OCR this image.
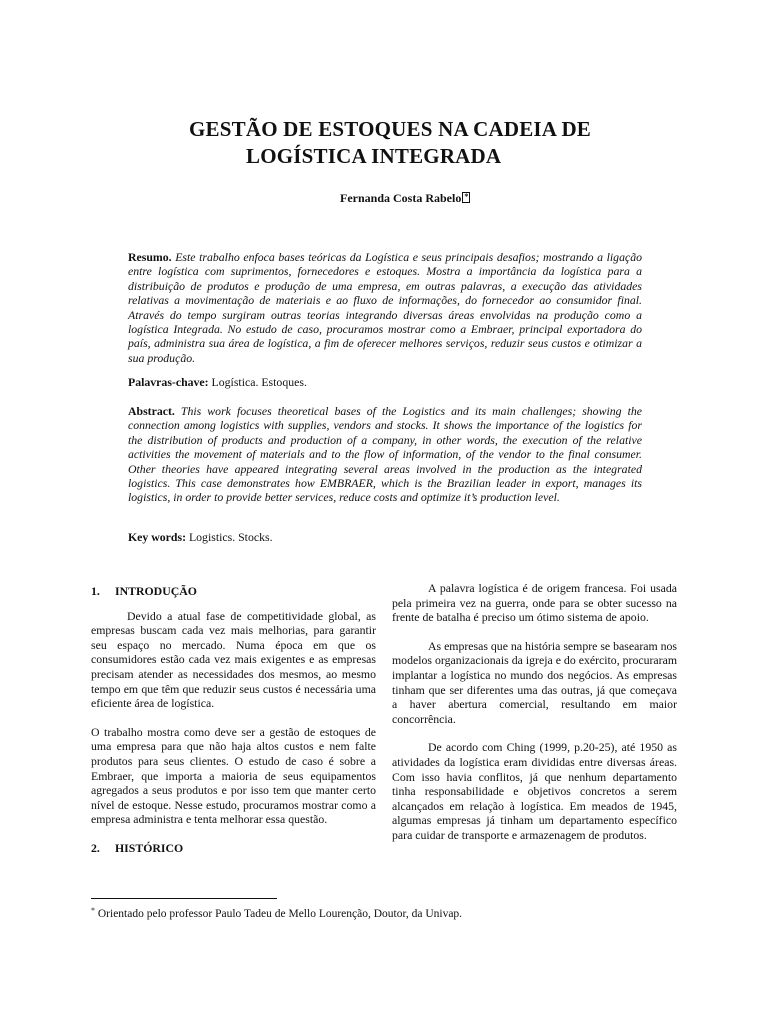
GESTÃO DE ESTOQUES NA CADEIA DE
LOGÍSTICA INTEGRADA
Fernanda Costa Rabelo *
Resumo. Este trabalho enfoca bases teóricas da Logística e seus principais desafios; mostrando a ligação entre logística com suprimentos, fornecedores e estoques. Mostra a importância da logística para a distribuição de produtos e produção de uma empresa, em outras palavras, a execução das atividades relativas a movimentação de materiais e ao fluxo de informações, do fornecedor ao consumidor final. Através do tempo surgiram outras teorias integrando diversas áreas envolvidas na produção como a logística Integrada. No estudo de caso, procuramos mostrar como a Embraer, principal exportadora do país, administra sua área de logística, a fim de oferecer melhores serviços, reduzir seus custos e otimizar a sua produção.
Palavras-chave: Logística. Estoques.
Abstract. This work focuses theoretical bases of the Logistics and its main challenges; showing the connection among logistics with supplies, vendors and stocks. It shows the importance of the logistics for the distribution of products and production of a company, in other words, the execution of the relative activities the movement of materials and to the flow of information, of the vendor to the final consumer. Other theories have appeared integrating several areas involved in the production as the integrated logistics. This case demonstrates how EMBRAER, which is the Brazilian leader in export, manages its logistics, in order to provide better services, reduce costs and optimize it’s production level.
Key words: Logistics. Stocks.

1. INTRODUÇÃO

Devido a atual fase de competitividade global, as empresas buscam cada vez mais melhorias, para garantir seu espaço no mercado. Numa época em que os consumidores estão cada vez mais exigentes e as empresas precisam atender as necessidades dos mesmos, ao mesmo tempo em que têm que reduzir seus custos é necessária uma eficiente área de logística.

O trabalho mostra como deve ser a gestão de estoques de uma empresa para que não haja altos custos e nem falte produtos para seus clientes. O estudo de caso é sobre a Embraer, que importa a maioria de seus equipamentos agregados a seus produtos e por isso tem que manter certo nível de estoque. Nesse estudo, procuramos mostrar como a empresa administra e tenta melhorar essa questão.

2. HISTÓRICO

A palavra logística é de origem francesa. Foi usada pela primeira vez na guerra, onde para se obter sucesso na frente de batalha é preciso um ótimo sistema de apoio.

As empresas que na história sempre se basearam nos modelos organizacionais da igreja e do exército, procuraram implantar a logística no mundo dos negócios. As empresas tinham que ser diferentes uma das outras, já que começava a haver abertura comercial, resultando em maior concorrência.

De acordo com Ching (1999, p.20-25), até 1950 as atividades da logística eram divididas entre diversas áreas. Com isso havia conflitos, já que nenhum departamento tinha responsabilidade e objetivos concretos a serem alcançados em relação à logística. Em meados de 1945, algumas empresas já tinham um departamento específico para cuidar de transporte e armazenagem de produtos.

* Orientado pelo professor Paulo Tadeu de Mello Lourenção, Doutor, da Univap.
